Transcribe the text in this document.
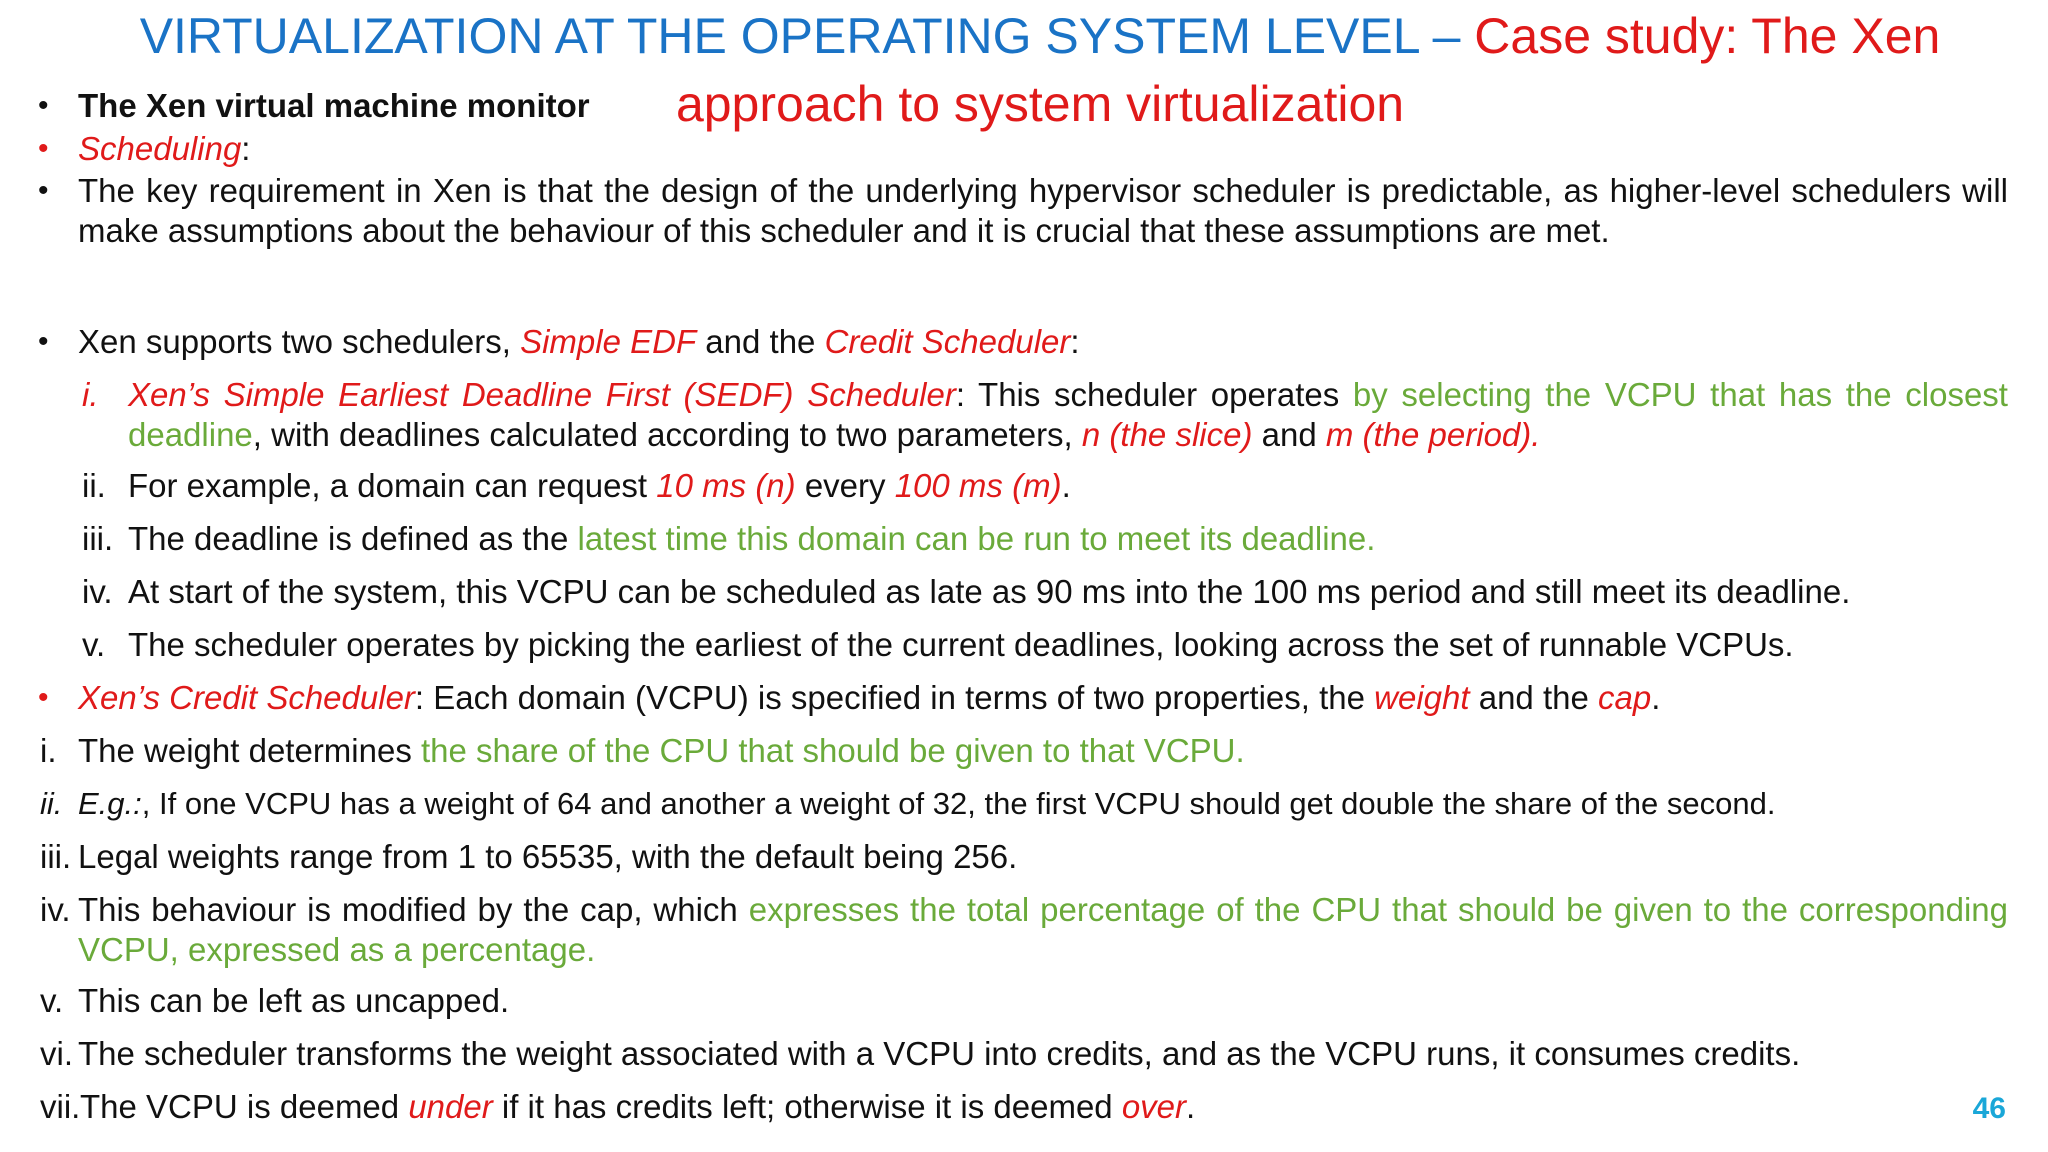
VIRTUALIZATION AT THE OPERATING SYSTEM LEVEL – Case study: The Xen approach to system virtualization
• The Xen virtual machine monitor
• Scheduling:
• The key requirement in Xen is that the design of the underlying hypervisor scheduler is predictable, as higher-level schedulers will make assumptions about the behaviour of this scheduler and it is crucial that these assumptions are met.
• Xen supports two schedulers, Simple EDF and the Credit Scheduler:
i. Xen’s Simple Earliest Deadline First (SEDF) Scheduler: This scheduler operates by selecting the VCPU that has the closest deadline, with deadlines calculated according to two parameters, n (the slice) and m (the period).
ii. For example, a domain can request 10 ms (n) every 100 ms (m).
iii. The deadline is defined as the latest time this domain can be run to meet its deadline.
iv. At start of the system, this VCPU can be scheduled as late as 90 ms into the 100 ms period and still meet its deadline.
v. The scheduler operates by picking the earliest of the current deadlines, looking across the set of runnable VCPUs.
• Xen’s Credit Scheduler: Each domain (VCPU) is specified in terms of two properties, the weight and the cap.
i. The weight determines the share of the CPU that should be given to that VCPU.
ii. E.g.:, If one VCPU has a weight of 64 and another a weight of 32, the first VCPU should get double the share of the second.
iii. Legal weights range from 1 to 65535, with the default being 256.
iv. This behaviour is modified by the cap, which expresses the total percentage of the CPU that should be given to the corresponding VCPU, expressed as a percentage.
v. This can be left as uncapped.
vi. The scheduler transforms the weight associated with a VCPU into credits, and as the VCPU runs, it consumes credits.
vii. The VCPU is deemed under if it has credits left; otherwise it is deemed over.	46
